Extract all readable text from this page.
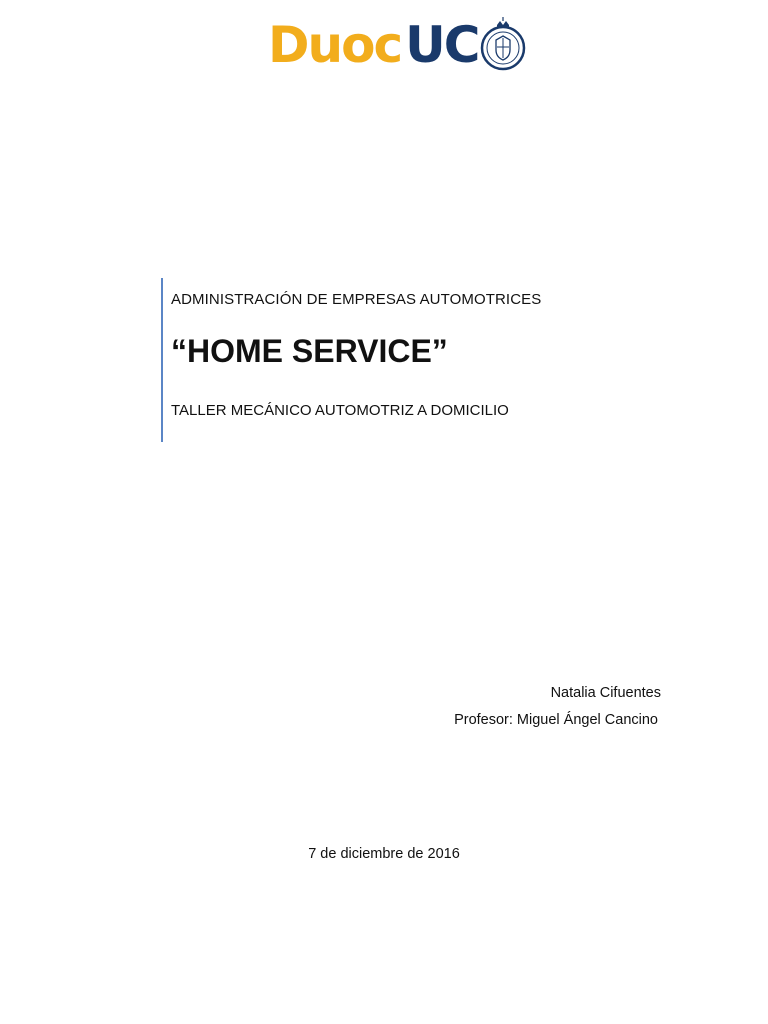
Duoc UC
ADMINISTRACIÓN DE EMPRESAS AUTOMOTRICES
“HOME SERVICE”
TALLER MECÁNICO AUTOMOTRIZ A DOMICILIO
Natalia Cifuentes
Profesor: Miguel Ángel Cancino
7 de diciembre de 2016
